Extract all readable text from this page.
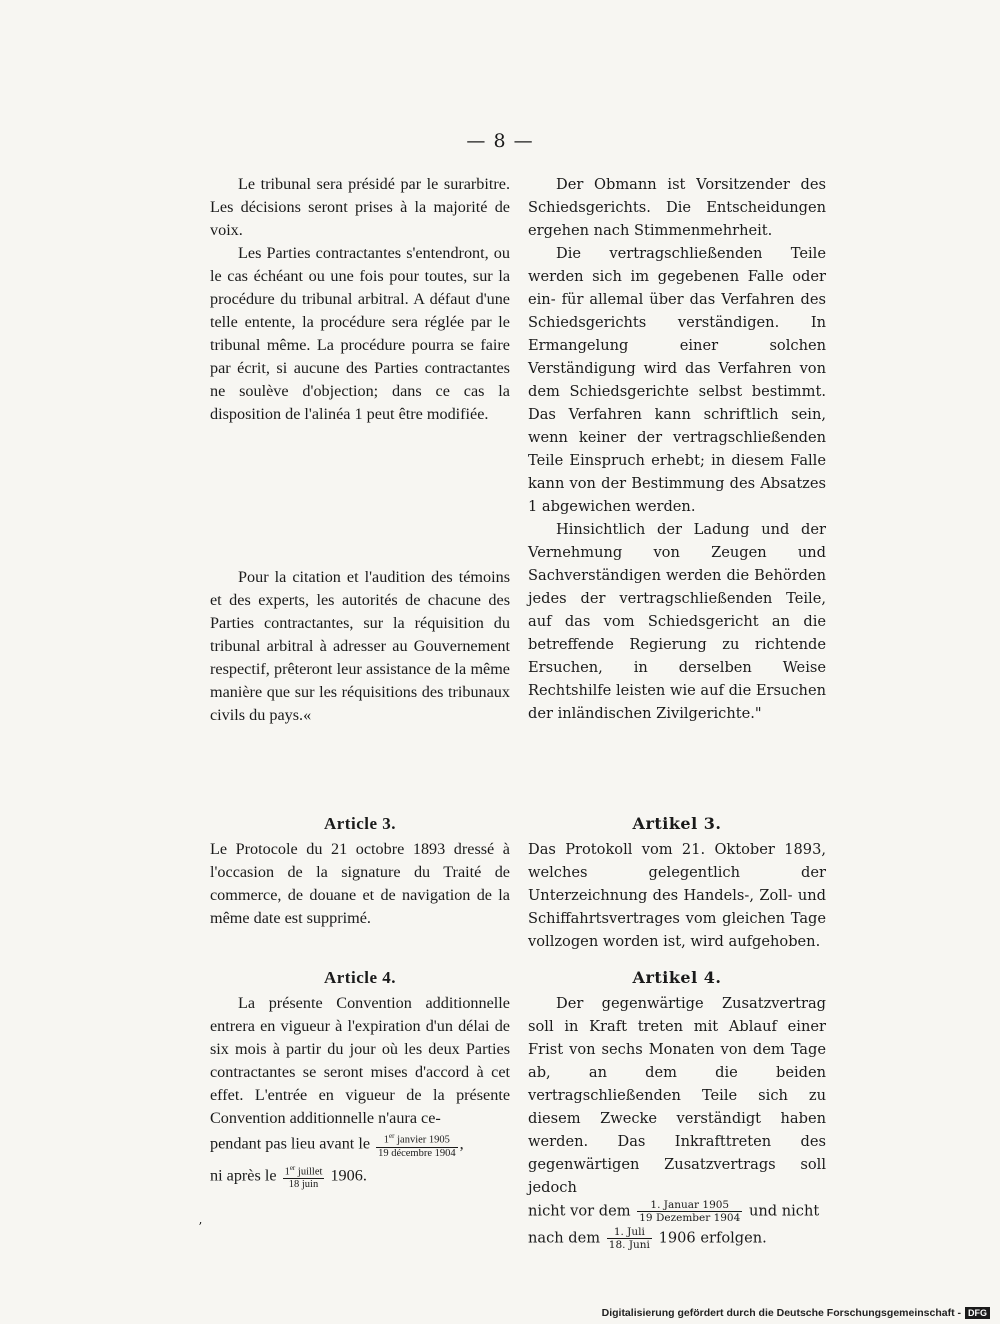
— 8 —

Le tribunal sera présidé par le surarbitre. Les décisions seront prises à la majorité de voix.

Les Parties contractantes s'entendront, ou le cas échéant ou une fois pour toutes, sur la procédure du tribunal arbitral. A défaut d'une telle entente, la procédure sera réglée par le tribunal même. La procédure pourra se faire par écrit, si aucune des Parties contractantes ne soulève d'objection; dans ce cas la disposition de l'alinéa 1 peut être modifiée.

Pour la citation et l'audition des témoins et des experts, les autorités de chacune des Parties contractantes, sur la réquisition du tribunal arbitral à adresser au Gouvernement respectif, prêteront leur assistance de la même manière que sur les réquisitions des tribunaux civils du pays.«

Der Obmann ist Vorsitzender des Schiedsgerichts. Die Entscheidungen ergehen nach Stimmenmehrheit.

Die vertragschließenden Teile werden sich im gegebenen Falle oder ein- für allemal über das Verfahren des Schiedsgerichts verständigen. In Ermangelung einer solchen Verständigung wird das Verfahren von dem Schiedsgerichte selbst bestimmt. Das Verfahren kann schriftlich sein, wenn keiner der vertragschließenden Teile Einspruch erhebt; in diesem Falle kann von der Bestimmung des Absatzes 1 abgewichen werden.

Hinsichtlich der Ladung und der Vernehmung von Zeugen und Sachverständigen werden die Behörden jedes der vertragschließenden Teile, auf das vom Schiedsgericht an die betreffende Regierung zu richtende Ersuchen, in derselben Weise Rechtshilfe leisten wie auf die Ersuchen der inländischen Zivilgerichte."

Article 3.	Artikel 3.

Le Protocole du 21 octobre 1893 dressé à l'occasion de la signature du Traité de commerce, de douane et de navigation de la même date est supprimé.

Das Protokoll vom 21. Oktober 1893, welches gelegentlich der Unterzeichnung des Handels-, Zoll- und Schiffahrtsvertrages vom gleichen Tage vollzogen worden ist, wird aufgehoben.

Article 4.	Artikel 4.

La présente Convention additionnelle entrera en vigueur à l'expiration d'un délai de six mois à partir du jour où les deux Parties contractantes se seront mises d'accord à cet effet. L'entrée en vigueur de la présente Convention additionnelle n'aura ce-

pendant pas lieu avant le $\frac{1^{er} janvier 1905}{\text{19 décembre 1904}}$ ,

ni après le $\frac{1^{er} juillet}{\text{18 juin}} 1906$.

Der gegenwärtige Zusatzvertrag soll in Kraft treten mit Ablauf einer Frist von sechs Monaten von dem Tage ab, an dem die beiden vertragschließenden Teile sich zu diesem Zwecke verständigt haben werden. Das Inkrafttreten des gegenwärtigen Zusatzvertrags soll jedoch

nicht vor dem $\frac{\text{1. Januar 1905}}{\text{19 Dezember 1904}}$ und nicht

nach dem $\frac{\text{1. Juli}}{\text{18. Juni}} 1906$ erfolgen.

ʼ
Digitalisierung gefördert durch die Deutsche Forschungsgemeinschaft - DFG
